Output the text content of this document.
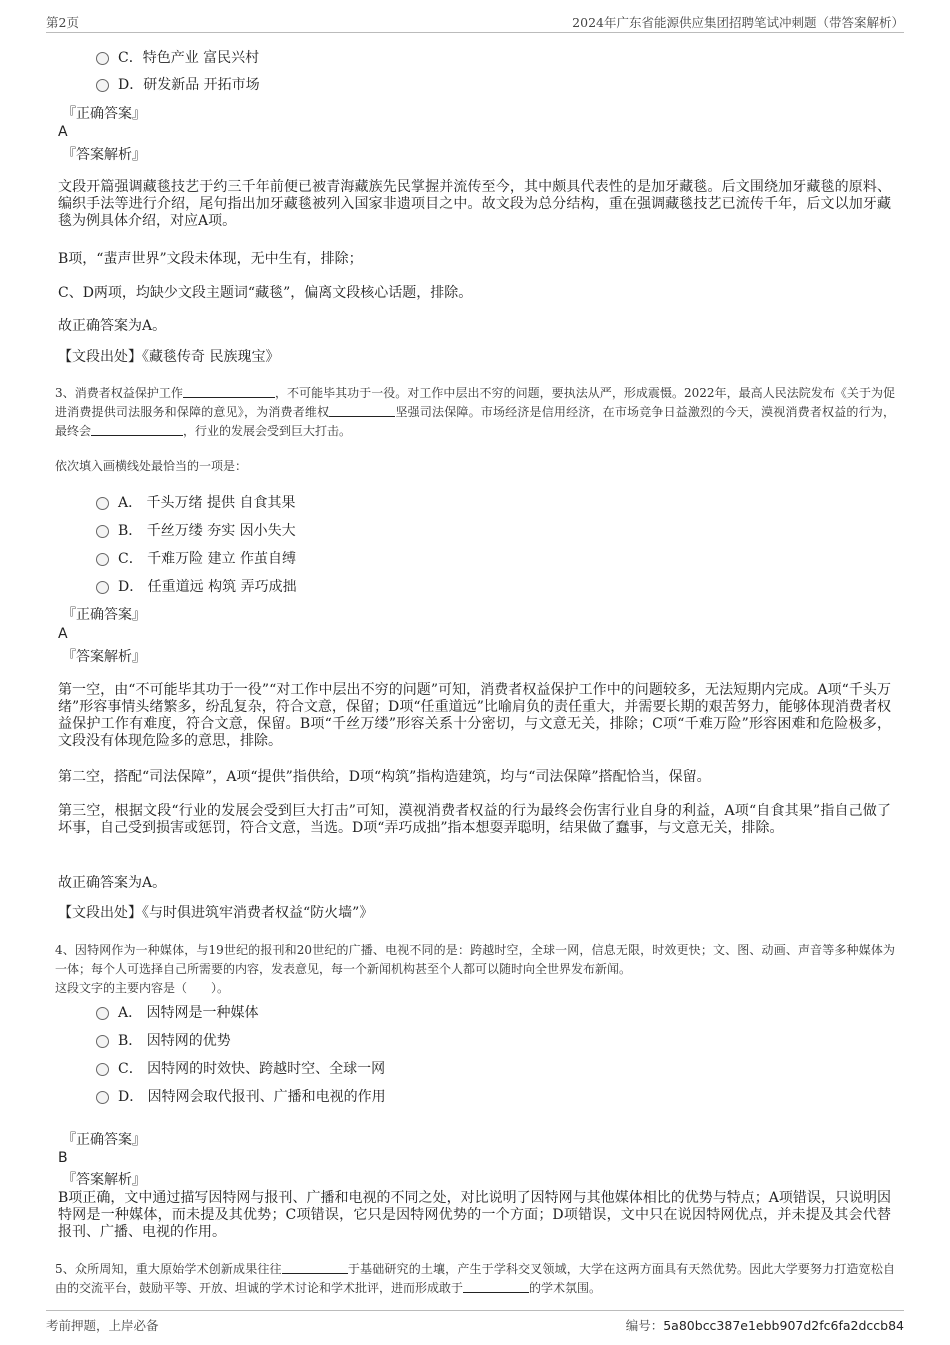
第2页	2024年广东省能源供应集团招聘笔试冲刺题（带答案解析）
C．特色产业 富民兴村
D．研发新品 开拓市场
『正确答案』
A
『答案解析』
文段开篇强调藏毯技艺于约三千年前便已被青海藏族先民掌握并流传至今，其中颇具代表性的是加牙藏毯。后文围绕加牙藏毯的原料、编织手法等进行介绍，尾句指出加牙藏毯被列入国家非遗项目之中。故文段为总分结构，重在强调藏毯技艺已流传千年，后文以加牙藏毯为例具体介绍，对应A项。
B项，“蜚声世界”文段未体现，无中生有，排除；
C、D两项，均缺少文段主题词“藏毯”，偏离文段核心话题，排除。
故正确答案为A。
【文段出处】《藏毯传奇 民族瑰宝》
3、消费者权益保护工作	，不可能毕其功于一役。对工作中层出不穷的问题，要执法从严，形成震慑。2022年，最高人民法院发布《关于为促进消费提供司法服务和保障的意见》，为消费者维权	坚强司法保障。市场经济是信用经济，在市场竞争日益激烈的今天，漠视消费者权益的行为，最终会	，行业的发展会受到巨大打击。
依次填入画横线处最恰当的一项是：
A． 千头万绪 提供 自食其果
B． 千丝万缕 夯实 因小失大
C． 千难万险 建立 作茧自缚
D． 任重道远 构筑 弄巧成拙
『正确答案』
A
『答案解析』
第一空，由“不可能毕其功于一役”“对工作中层出不穷的问题”可知，消费者权益保护工作中的问题较多，无法短期内完成。A项“千头万绪”形容事情头绪繁多，纷乱复杂，符合文意，保留；D项“任重道远”比喻肩负的责任重大，并需要长期的艰苦努力，能够体现消费者权益保护工作有难度，符合文意，保留。B项“千丝万缕”形容关系十分密切，与文意无关，排除；C项“千难万险”形容困难和危险极多，文段没有体现危险多的意思，排除。
第二空，搭配“司法保障”，A项“提供”指供给，D项“构筑”指构造建筑，均与“司法保障”搭配恰当，保留。
第三空，根据文段“行业的发展会受到巨大打击”可知，漠视消费者权益的行为最终会伤害行业自身的利益，A项“自食其果”指自己做了坏事，自己受到损害或惩罚，符合文意，当选。D项“弄巧成拙”指本想耍弄聪明，结果做了蠢事，与文意无关，排除。
故正确答案为A。
【文段出处】《与时俱进筑牢消费者权益“防火墙”》
4、因特网作为一种媒体，与19世纪的报刊和20世纪的广播、电视不同的是：跨越时空，全球一网，信息无限，时效更快；文、图、动画、声音等多种媒体为一体；每个人可选择自己所需要的内容，发表意见，每一个新闻机构甚至个人都可以随时向全世界发布新闻。
这段文字的主要内容是（　　）。
A． 因特网是一种媒体
B． 因特网的优势
C． 因特网的时效快、跨越时空、全球一网
D． 因特网会取代报刊、广播和电视的作用
『正确答案』
B
『答案解析』
B项正确，文中通过描写因特网与报刊、广播和电视的不同之处，对比说明了因特网与其他媒体相比的优势与特点；A项错误，只说明因特网是一种媒体，而未提及其优势；C项错误，它只是因特网优势的一个方面；D项错误，文中只在说因特网优点，并未提及其会代替报刊、广播、电视的作用。
5、众所周知，重大原始学术创新成果往往	于基础研究的土壤，产生于学科交叉领域，大学在这两方面具有天然优势。因此大学要努力打造宽松自由的交流平台，鼓励平等、开放、坦诚的学术讨论和学术批评，进而形成敢于	的学术氛围。
考前押题，上岸必备	编号：5a80bcc387e1ebb907d2fc6fa2dccb84
